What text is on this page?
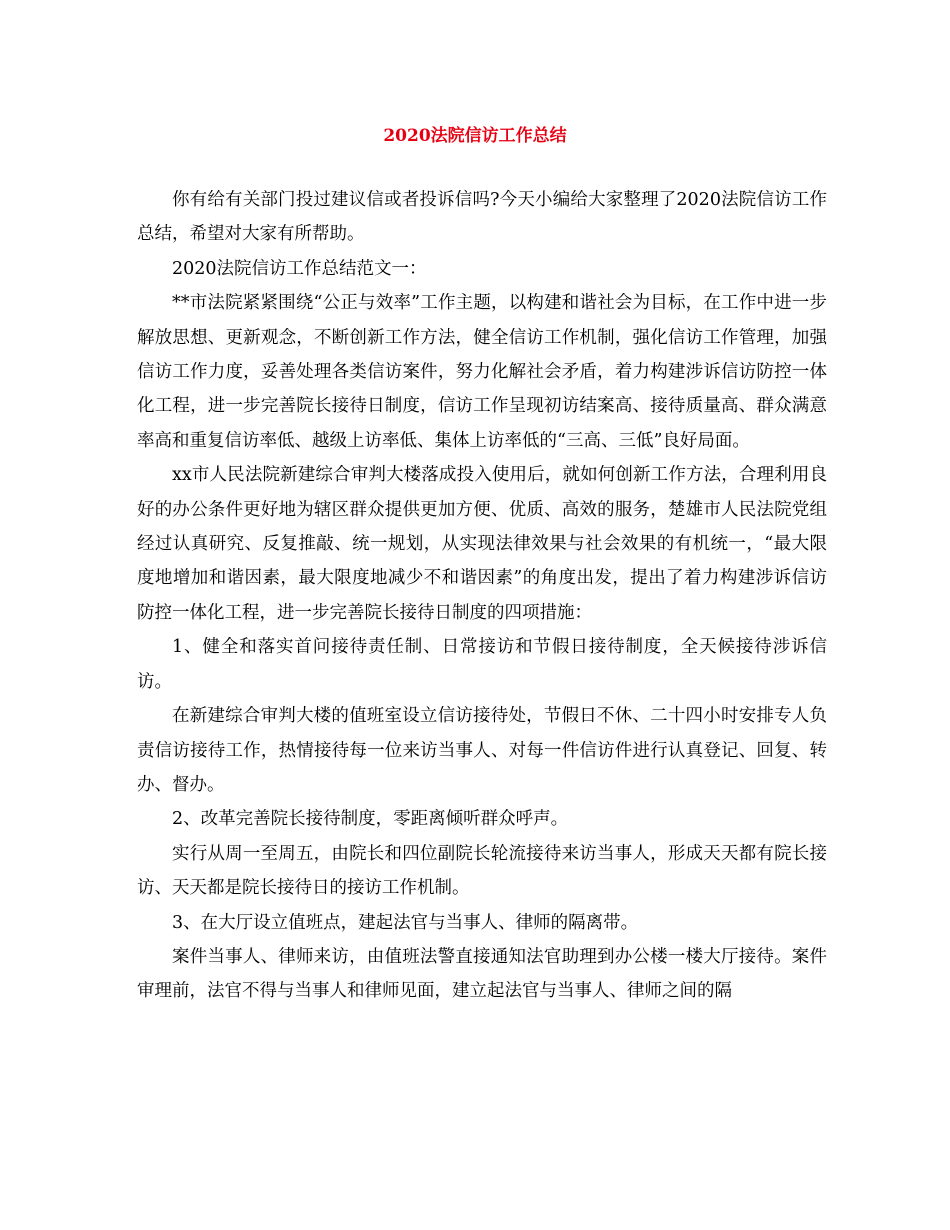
2020法院信访工作总结

你有给有关部门投过建议信或者投诉信吗?今天小编给大家整理了2020法院信访工作总结，希望对大家有所帮助。

2020法院信访工作总结范文一：

**市法院紧紧围绕“公正与效率”工作主题，以构建和谐社会为目标，在工作中进一步解放思想、更新观念，不断创新工作方法，健全信访工作机制，强化信访工作管理，加强信访工作力度，妥善处理各类信访案件，努力化解社会矛盾，着力构建涉诉信访防控一体化工程，进一步完善院长接待日制度，信访工作呈现初访结案高、接待质量高、群众满意率高和重复信访率低、越级上访率低、集体上访率低的“三高、三低”良好局面。

xx市人民法院新建综合审判大楼落成投入使用后，就如何创新工作方法，合理利用良好的办公条件更好地为辖区群众提供更加方便、优质、高效的服务，楚雄市人民法院党组经过认真研究、反复推敲、统一规划，从实现法律效果与社会效果的有机统一，“最大限度地增加和谐因素，最大限度地减少不和谐因素”的角度出发，提出了着力构建涉诉信访防控一体化工程，进一步完善院长接待日制度的四项措施：

1、健全和落实首问接待责任制、日常接访和节假日接待制度，全天候接待涉诉信访。

在新建综合审判大楼的值班室设立信访接待处，节假日不休、二十四小时安排专人负责信访接待工作，热情接待每一位来访当事人、对每一件信访件进行认真登记、回复、转办、督办。

2、改革完善院长接待制度，零距离倾听群众呼声。

实行从周一至周五，由院长和四位副院长轮流接待来访当事人，形成天天都有院长接访、天天都是院长接待日的接访工作机制。

3、在大厅设立值班点，建起法官与当事人、律师的隔离带。

案件当事人、律师来访，由值班法警直接通知法官助理到办公楼一楼大厅接待。案件审理前，法官不得与当事人和律师见面，建立起法官与当事人、律师之间的隔
